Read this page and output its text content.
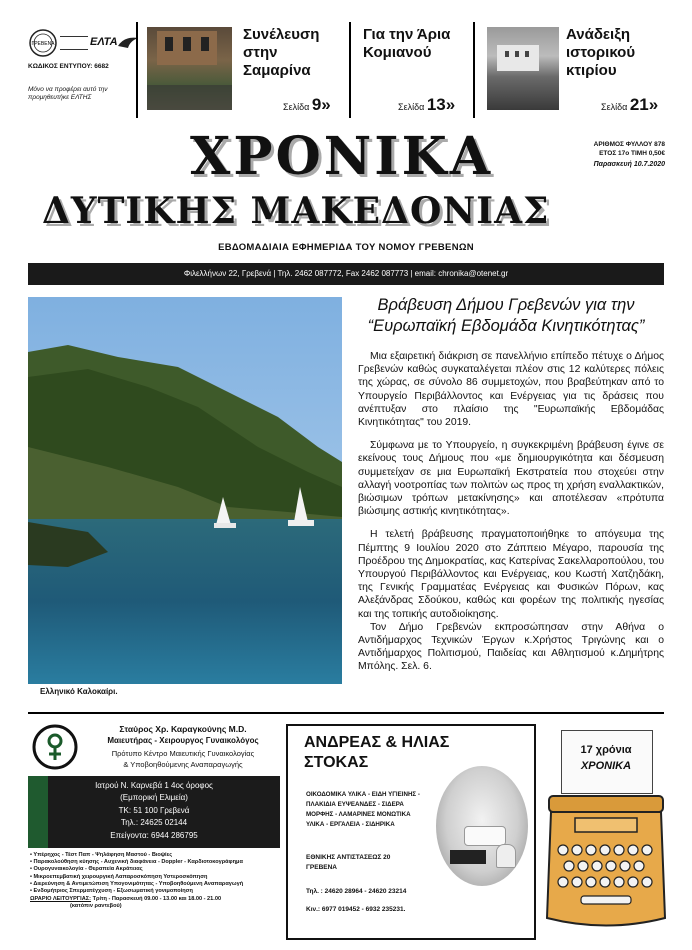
ΓΡΕΒΕΝΑ	ΕΛΤΑ
ΚΩΔΙΚΟΣ ΕΝΤΥΠΟΥ: 6682
Μόνο να προφέρει αυτό την προμηθευτήκε ΕΛΤΗΣ
Συνέλευση στην Σαμαρίνα
Σελίδα 9»
Για την Άρια Κομιανού
Σελίδα 13»
Ανάδειξη ιστορικού κτιρίου
Σελίδα 21»
ΧΡΟΝΙΚΑ
ΔΥΤΙΚΗΣ ΜΑΚΕΔΟΝΙΑΣ
ΕΒΔΟΜΑΔΙΑΙΑ ΕΦΗΜΕΡΙΔΑ ΤΟΥ ΝΟΜΟΥ ΓΡΕΒΕΝΩΝ
ΑΡΙΘΜΟΣ ΦΥΛΛΟΥ 878
ΕΤΟΣ 17ο ΤΙΜΗ 0,50€
Παρασκευή 10.7.2020
Φιλελλήνων 22, Γρεβενά | Τηλ. 2462 087772, Fax 2462 087773 | email: chronika@otenet.gr
Ελληνικό Καλοκαίρι.
Βράβευση Δήμου Γρεβενών για την
“Ευρωπαϊκή Εβδομάδα Κινητικότητας”

Μια εξαιρετική διάκριση σε πανελλήνιο επίπεδο πέτυχε ο Δήμος Γρεβενών καθώς συγκαταλέγεται πλέον στις 12 καλύτερες πόλεις της χώρας, σε σύνολο 86 συμμετοχών, που βραβεύτηκαν από το Υπουργείο Περιβάλλοντος και Ενέργειας για τις δράσεις που ανέπτυξαν στο πλαίσιο της "Ευρωπαϊκής Εβδομάδας Κινητικότητας" του 2019.

Σύμφωνα με το Υπουργείο, η συγκεκριμένη βράβευση έγινε σε εκείνους τους Δήμους που «με δημιουργικότητα και δέσμευση συμμετείχαν σε μια Ευρωπαϊκή Εκστρατεία που στοχεύει στην αλλαγή νοοτροπίας των πολιτών ως προς τη χρήση εναλλακτικών, βιώσιμων τρόπων μετακίνησης» και αποτέλεσαν «πρότυπα βιώσιμης αστικής κινητικότητας».

Η τελετή βράβευσης πραγματοποιήθηκε το απόγευμα της Πέμπτης 9 Ιουλίου 2020 στο Ζάππειο Μέγαρο, παρουσία της Προέδρου της Δημοκρατίας, κας Κατερίνας Σακελλαροπούλου, του Υπουργού Περιβάλλοντος και Ενέργειας, κου Κωστή Χατζηδάκη, της Γενικής Γραμματέας Ενέργειας και Φυσικών Πόρων, κας Αλεξάνδρας Σδούκου, καθώς και φορέων της πολιτικής ηγεσίας και της τοπικής αυτοδιοίκησης.

Τον Δήμο Γρεβενών εκπροσώπησαν στην Αθήνα ο Αντιδήμαρχος Τεχνικών Έργων κ.Χρήστος Τριγώνης και ο Αντιδήμαρχος Πολιτισμού, Παιδείας και Αθλητισμού κ.Δημήτρης Μπόλης. Σελ. 6.

Σταύρος Χρ. Καραγκούνης M.D.
Μαιευτήρας - Χειρουργος Γυναικολόγος
Πρότυπο Κέντρο Μαιευτικής Γυναικολογίας
& Υποβοηθούμενης Αναπαραγωγής
Ιατρού Ν. Καρνεβά 1 4ος όροφος
(Εμπορική Ελιμεία)
ΤΚ: 51 100 Γρεβενά
Τηλ.: 24625 02144
Επείγοντα: 6944 286795
• Υπέρηχος - Τέστ Παπ - Ψηλάφηση Μαστού - Βιοψίες
• Παρακολούθηση κύησης - Αυχενική διαφάνεια - Doppler - Καρδιοτοκογράφημα
• Ουρογυναικολογία - Θεραπεία Ακράτειας
• Μικροεπεμβατική χειρουργική Λαπαροσκόπηση Υστεροσκόπηση
• Διερεύνηση & Αντιμετώπιση Υπογονιμότητας - Υποβοηθούμενη Αναπαραγωγή
• Ενδομήτριος Σπερματέγχυση - Εξωσωματική γονιμοποίηση
ΩΡΑΡΙΟ ΛΕΙΤΟΥΡΓΙΑΣ: Τρίτη - Παρασκευή 09.00 - 13.00 και 18.00 - 21.00
(κατόπιν ραντεβού)
ΑΝΔΡΕΑΣ & ΗΛΙΑΣ
ΣΤΟΚΑΣ
ΟΙΚΟΔΟΜΙΚΑ ΥΛΙΚΑ - ΕΙΔΗ ΥΓΙΕΙΝΗΣ - ΠΛΑΚΙΔΙΑ ΕΥΨΕΑΝΔΕΣ - ΣΙΔΕΡΑ ΜΟΡΦΗΣ - ΛΑΜΑΡΙΝΕΣ ΜΟΝΩΤΙΚΑ ΥΛΙΚΑ - ΕΡΓΑΛΕΙΑ - ΣΙΔΗΡΙΚΑ
ΕΘΝΙΚΗΣ ΑΝΤΙΣΤΑΣΕΩΣ 20
ΓΡΕΒΕΝΑ
Τηλ. : 24620 28964 - 24620 23214
Κιν.: 6977 019452 - 6932 235231.
17 χρόνια
ΧΡΟΝΙΚΑ
